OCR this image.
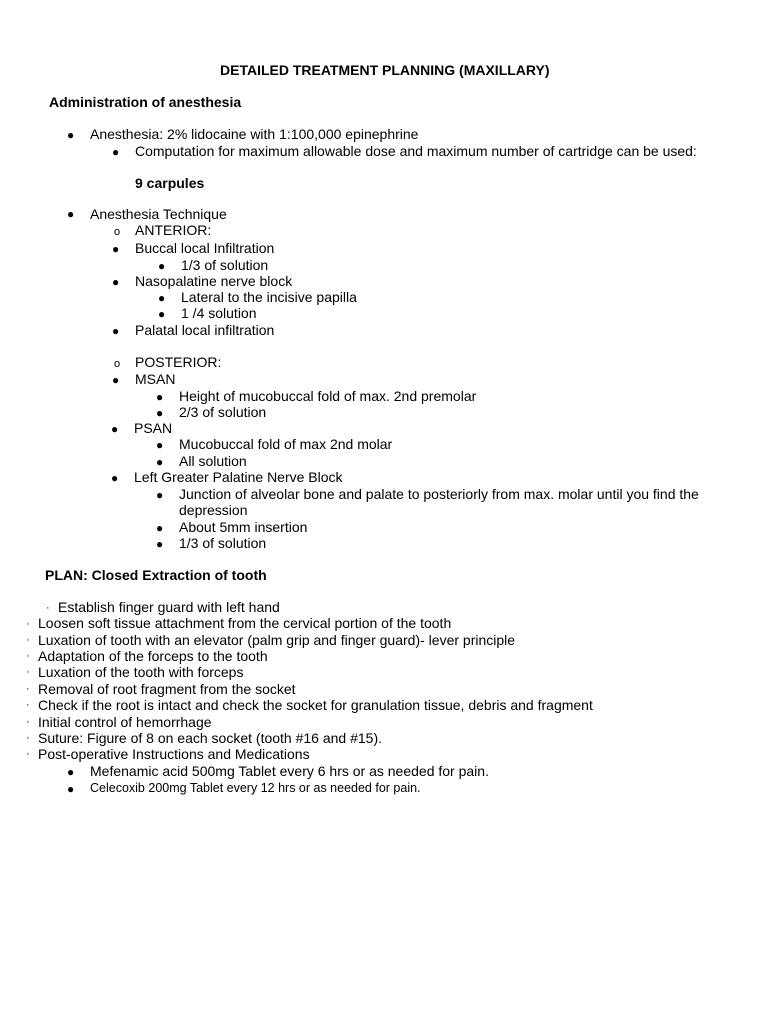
DETAILED TREATMENT PLANNING (MAXILLARY)
Administration of anesthesia
● Anesthesia: 2% lidocaine with 1:100,000 epinephrine
● Computation for maximum allowable dose and maximum number of cartridge can be used:
9 carpules
● Anesthesia Technique
o ANTERIOR:
● Buccal local Infiltration
● 1/3 of solution
● Nasopalatine nerve block
● Lateral to the incisive papilla
● 1 /4 solution
● Palatal local infiltration
o POSTERIOR:
● MSAN
● Height of mucobuccal fold of max. 2nd premolar
● 2/3 of solution
● PSAN
● Mucobuccal fold of max 2nd molar
● All solution
● Left Greater Palatine Nerve Block
● Junction of alveolar bone and palate to posteriorly from max. molar until you find the
depression
● About 5mm insertion
● 1/3 of solution
PLAN: Closed Extraction of tooth
· Establish finger guard with left hand
· Loosen soft tissue attachment from the cervical portion of the tooth
· Luxation of tooth with an elevator (palm grip and finger guard)- lever principle
· Adaptation of the forceps to the tooth
· Luxation of the tooth with forceps
· Removal of root fragment from the socket
· Check if the root is intact and check the socket for granulation tissue, debris and fragment
· Initial control of hemorrhage
· Suture: Figure of 8 on each socket (tooth #16 and #15).
· Post-operative Instructions and Medications
● Mefenamic acid 500mg Tablet every 6 hrs or as needed for pain.
● Celecoxib 200mg Tablet every 12 hrs or as needed for pain.
